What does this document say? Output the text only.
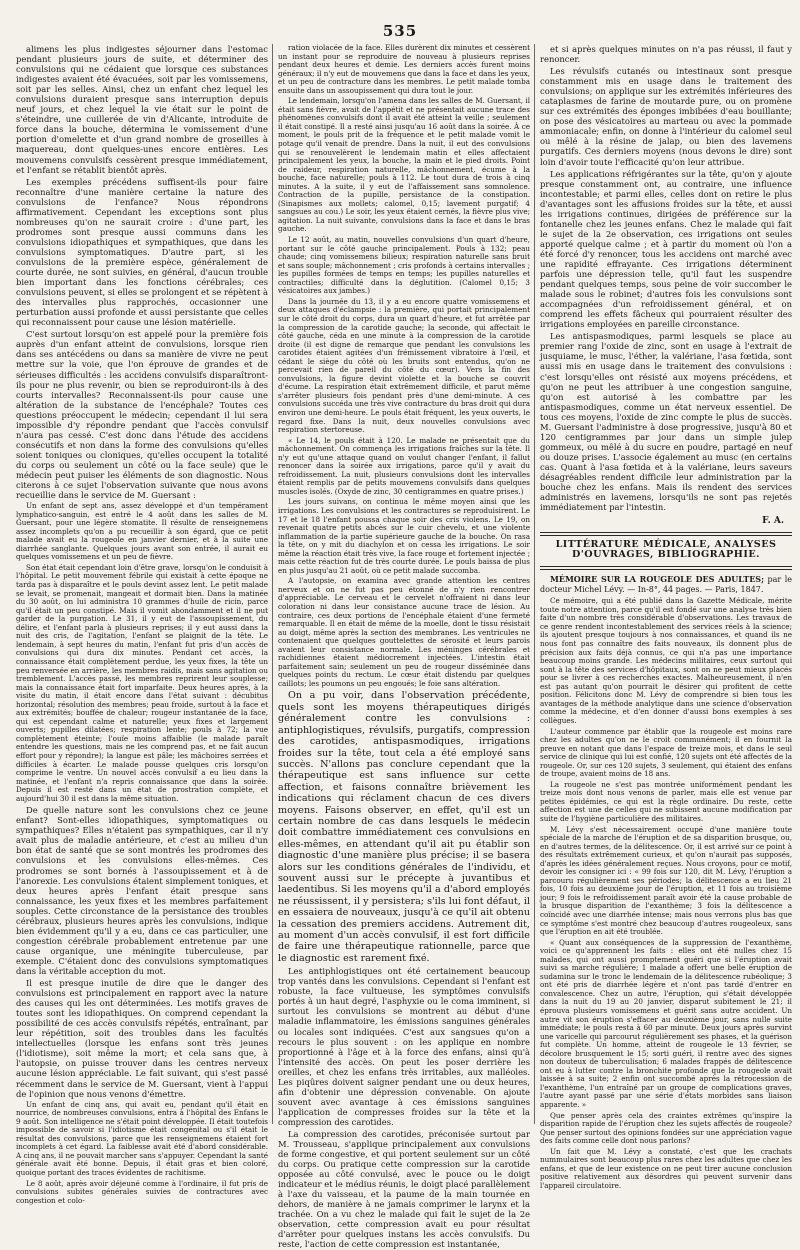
535

alimens les plus indigestes séjourner dans l'estomac pendant plusieurs jours de suite, et déterminer des convulsions qui ne cédaient que lorsque ces substances indigestes avaient été évacuées, soit par les vomissemens, soit par les selles. Ainsi, chez un enfant chez lequel les convulsions duraient presque sans interruption depuis neuf jours, et chez lequel la vie était sur le point de s'éteindre, une cuillerée de vin d'Alicante, introduite de force dans la bouche, détermina le vomissement d'une portion d'omelette et d'un grand nombre de groseilles à maquereau, dont quelques-unes encore entières. Les mouvemens convulsifs cessèrent presque immédiatement, et l'enfant se rétablit bientôt après.

Les exemples précédens suffisent-ils pour faire reconnaître d'une manière certaine la nature des convulsions de l'enfance? Nous répondrons affirmativement. Cependant les exceptions sont plus nombreuses qu'on ne saurait croire : d'une part, les prodromes sont presque aussi communs dans les convulsions idiopathiques et sympathiques, que dans les convulsions symptomatiques. D'autre part, si les convulsions de la première espèce, généralement de courte durée, ne sont suivies, en général, d'aucun trouble bien important dans les fonctions cérébrales; ces convulsions peuvent, si elles se prolongent et se répètent à des intervalles plus rapprochés, occasionner une perturbation aussi profonde et aussi persistante que celles qui reconnaissent pour cause une lésion matérielle.

C'est surtout lorsqu'on est appelé pour la première fois auprès d'un enfant atteint de convulsions, lorsque rien dans ses antécédens ou dans sa manière de vivre ne peut mettre sur la voie, que l'on éprouve de grandes et de sérieuses difficultés : les accidens convulsifs disparaîtront-ils pour ne plus revenir, ou bien se reproduiront-ils à des courts intervalles? Reconnaissent-ils pour cause une altération de la substance de l'encéphale? Toutes ces questions préoccupent le médecin; cependant il lui sera impossible d'y répondre pendant que l'accès convulsif n'aura pas cessé. C'est donc dans l'étude des accidens consécutifs et non dans la forme des convulsions qu'elles soient toniques ou cloniques, qu'elles occupent la totalité du corps ou seulement un côté ou la face seule) que le médecin peut puiser les éléments de son diagnostic. Nous citerons à ce sujet l'observation suivante que nous avons recueillie dans le service de M. Guersant :

Un enfant de sept ans, assez développé et d'un tempérament lymphatico-sanguin, est entré le 4 août dans les salles de M. Guersant, pour une légère stomatite. Il résulte de renseignemens assez incomplets qu'on a pu recueillir à son égard, que ce petit malade avait eu la rougeole en janvier dernier, et à la suite une diarrhée sanglante. Quelques jours avant son entrée, il aurait eu quelques vomissemens et un peu de fièvre.

Son état était cependant loin d'être grave, lorsqu'on le conduisit à l'hôpital. Le petit mouvement fébrile qui existait à cette époque ne tarda pas à disparaître et le pouls devint assez lent. Le petit malade se levait, se promenait, mangeait et dormait bien. Dans la matinée du 30 août, on lui administra 10 grammes d'huile de ricin, parce qu'il était un peu constipé. Mais il vomit abondamment et il ne put garder de la purgation. Le 31, il y eut de l'assoupissement, du délire, et l'enfant parla à plusieurs reprises; il y eut aussi dans la nuit des cris, de l'agitation, l'enfant se plaignit de la tête. Le lendemain, à sept heures du matin, l'enfant fut pris d'un accès de convulsions qui dura dix minutes. Pendant cet accès, la connaissance était complètement perdue, les yeux fixes, la tête un peu renversée en arrière, les membres raidis, mais sans agitation ou tremblement. L'accès passé, les membres reprirent leur souplesse; mais la connaissance était fort imparfaite. Deux heures après, à la visite du matin, il était encore dans l'état suivant : décubitus horizontal; résolution des membres; peau froide, surtout à la face et aux extrémités; bouffée de chaleur; rougeur instantanée de la face, qui est cependant calme et naturelle; yeux fixes et largement ouverts; pupilles dilatées; respiration lente; pouls à 72; la vue complètement éteinte; l'ouïe moins affaiblie (le malade paraît entendre les questions, mais ne les comprend pas, et ne fait aucun effort pour y répondre); la langue est pâle; les mâchoires serrées et difficiles à écarter. Le malade pousse quelques cris lorsqu'on comprime le ventre. Un nouvel accès convulsif a eu lieu dans la matinée, et l'enfant n'a repris connaissance que dans la soirée. Depuis il est resté dans un état de prostration complète, et aujourd'hui 30 il est dans la même situation.

De quelle nature sont les convulsions chez ce jeune enfant? Sont-elles idiopathiques, symptomatiques ou sympathiques? Elles n'étaient pas sympathiques, car il n'y avait plus de maladie antérieure, et c'est au milieu d'un bon état de santé que se sont montrés les prodromes des convulsions et les convulsions elles-mêmes. Ces prodromes se sont bornés à l'assoupissement et à de l'anorexie. Les convulsions étaient simplement toniques, et deux heures après l'enfant était presque sans connaissance, les yeux fixes et les membres parfaitement souples. Cette circonstance de la persistance des troubles cérébraux, plusieurs heures après les convulsions, indique bien évidemment qu'il y a eu, dans ce cas particulier, une congestion cérébrale probablement entretenue par une cause organique, une méningite tuberculeuse, par exemple. C'étaient donc des convulsions symptomatiques dans la véritable acception du mot.

Il est presque inutile de dire que le danger des convulsions est principalement en rapport avec la nature des causes qui les ont déterminées. Les motifs graves de toutes sont les idiopathiques. On comprend cependant la possibilité de ces accès convulsifs répétés, entraînant, par leur répétition, soit des troubles dans les facultés intellectuelles (lorsque les enfans sont très jeunes (l'idiotisme), soit même la mort; et cela sans que, à l'autopsie, on puisse trouver dans les centres nerveux aucune lésion appréciable. Le fait suivant, qui s'est passé récemment dans le service de M. Guersant, vient à l'appui de l'opinion que nous venons d'émettre.

Un enfant de cinq ans, qui avait eu, pendant qu'il était en nourrice, de nombreuses convulsions, entra à l'hôpital des Enfans le 9 août. Son intelligence ne s'était point développée. Il était toutefois impossible de savoir si l'idiotisme était congénital ou s'il était le résultat des convulsions, parce que les renseignemens étaient fort incomplets à cet égard. La faiblesse avait été d'abord considérable. A cinq ans, il ne pouvait marcher sans s'appuyer. Cependant la santé générale avait été bonne. Depuis, il était gras et bien coloré, quoique portant des traces évidentes de rachitisme.

Le 8 août, après avoir déjeuné comme à l'ordinaire, il fut pris de convulsions subites générales suivies de contractures avec congestion et colo-

ration violacée de la face. Elles durèrent dix minutes et cessèrent un instant pour se reproduire de nouveau à plusieurs reprises pendant deux heures et demie. Les derniers accès furent moins généraux; il n'y eut de mouvemens que dans la face et dans les yeux, et un peu de contracture dans les membres. Le petit malade tomba ensuite dans un assoupissement qui dura tout le jour.

Le lendemain, lorsqu'on l'amena dans les salles de M. Guersant, il était sans fièvre, avait de l'appétit et ne présentait aucune trace des phénomènes convulsifs dont il avait été atteint la veille ; seulement il était constipé. Il a resté ainsi jusqu'au 16 août dans la soirée. À ce moment, le pouls prit de la fréquence et le petit malade vomit le potage qu'il venait de prendre. Dans la nuit, il eut des convulsions qui se renouvelèrent le lendemain matin et elles affectaient principalement les yeux, la bouche, la main et le pied droits. Point de raideur, respiration naturelle, mâchonnement, écume à la bouche, face naturelle; pouls à 112. Le tout dura de trois à cinq minutes. A la suite, il y eut de l'affaissement sans somnolence. Contraction de la pupille, persistance de la constipation. (Sinapismes aux mollets; calomel, 0,15; lavement purgatif; 4 sangsues au cou.) Le soir, les yeux étaient cernés, la fièvre plus vive; agitation. La nuit suivante, convulsions dans la face et dans le bras gauche.

Le 12 août, au matin, nouvelles convulsions d'un quart d'heure, portant sur le côté gauche principalement. Pouls à 132; peau chaude; cinq vomissemens bilieux; respiration naturelle sans bruit et sans souple; mâchonnement ; cris profonds à certains intervalles ; les pupilles formées de temps en temps; les pupilles naturelles et contractiles; difficulté dans la déglutition. (Calomel 0,15; 3 vésicatoires aux jambes.)

Dans la journée du 13, il y a eu encore quatre vomissemens et deux attaques d'éclampsie : la première, qui portait principalement sur le côté droit du corps, dura un quart d'heure, et fut arrêtée par la compression de la carotide gauche; la seconde, qui affectait le côté gauche, céda en une minute à la compression de la carotide droite (il est digne de remarque que pendant les convulsions les carotides étaient agitées d'un frémissement vibratoire à l'œil, et cédant le siège du côté où les bruits sont entendus, qu'on ne percevait rien de pareil du côté du cœur). Vers la fin des convulsions, la figure devint violette et la bouche se couvrit d'écume. La respiration était extrêmement difficile, et parut même s'arrêter plusieurs fois pendant près d'une demi-minute. A ces convulsions succéda une très vive contracture du bras droit qui dura environ une demi-heure. Le pouls était fréquent, les yeux ouverts, le regard fixe. Dans la nuit, deux nouvelles convulsions avec respiration stertoreuse.

« Le 14, le pouls était à 120. Le malade ne présentait que du mâchonnement. On commença les irrigations fraîches sur la tête. Il n'y eut qu'une attaque quand on voulut changer l'enfant, il fallut renoncer dans la soirée aux irrigations, parce qu'il y avait du refroidissement. La nuit, plusieurs convulsions dont les intervalles étaient remplis par de petits mouvemens convulsifs dans quelques muscles isolés. (Oxyde de zinc, 30 centigrammes en quatre prises.)

Les jours suivans, on continua le même moyen ainsi que les irrigations. Les convulsions et les contractures se reproduisirent. Le 17 et le 18 l'enfant poussa chaque soir des cris violens. Le 19, on revenait quatre petits abcès sur le cuir chevelu, et une violente inflammation de la partie supérieure gauche de la bouche. On rasa la tête, on y mit du diachylon et on cessa les irrigations. Le soir même la réaction était très vive, la face rouge et fortement injectée ; mais cette réaction fut de très courte durée. Le pouls baissa de plus en plus jusqu'au 21 août, où ce petit malade succomba.

A l'autopsie, on examina avec grande attention les centres nerveux et on ne fut pas peu étonné de n'y rien rencontrer d'appréciable. Le cerveau et le cervelet n'offraient ni dans leur coloration ni dans leur consistance aucune trace de lésion. Au contraire, ces deux portions de l'encéphale étaient d'une fermeté remarquable. Il en était de même de la moelle, dont le tissu résistait au doigt, même après la section des membranes. Les ventricules ne contenaient que quelques gouttelettes de sérosité et leurs parois avaient leur consistance normale. Les méninges cérébrales et rachidiennes étaient médiocrement injectées. L'intestin était parfaitement sain; seulement un peu de rougeur disséminée dans quelques points du rectum. Le cœur était distendu par quelques caillots; les poumons un peu engoués; le foie sans altération.

On a pu voir, dans l'observation précédente, quels sont les moyens thérapeutiques dirigés généralement contre les convulsions : antiphlogistiques, révulsifs, purgatifs, compression des carotides, antispasmodiques, irrigations froides sur la tête, tout cela a été employé sans succès. N'allons pas conclure cependant que la thérapeutique est sans influence sur cette affection, et faisons connaître brièvement les indications qui réclament chacun de ces divers moyens. Faisons observer, en effet, qu'il est un certain nombre de cas dans lesquels le médecin doit combattre immédiatement ces convulsions en elles-mêmes, en attendant qu'il ait pu établir son diagnostic d'une manière plus précise; il se basera alors sur les conditions générales de l'individu, et souvent aussi sur le précepte à juvantibus et laedentibus. Si les moyens qu'il a d'abord employés ne réussissent, il y persistera; s'ils lui font défaut, il en essaiera de nouveaux, jusqu'à ce qu'il ait obtenu la cessation des premiers accidens. Autrement dit, au moment d'un accès convulsif, il est fort difficile de faire une thérapeutique rationnelle, parce que le diagnostic est rarement fixé.

Les antiphlogistiques ont été certainement beaucoup trop vantés dans les convulsions. Cependant si l'enfant est robuste, la face vultueuse, les symptômes convulsifs portés à un haut degré, l'asphyxie ou le coma imminent, si surtout les convulsions se montrent au début d'une maladie inflammatoire, les émissions sanguines générales ou locales sont indiquées. C'est aux sangsues qu'on a recours le plus souvent : on les applique en nombre proportionné à l'âge et à la force des enfans, ainsi qu'à l'intensité des accès. On peut les poser derrière les oreilles, et chez les enfans très irritables, aux malléoles. Les piqûres doivent saigner pendant une ou deux heures, afin d'obtenir une dépression convenable. On ajoute souvent avec avantage à ces émissions sanguines l'application de compresses froides sur la tête et la compression des carotides.

La compression des carotides, préconisée surtout par M. Trousseau, s'applique principalement aux convulsions de forme congestive, et qui portent seulement sur un côté du corps. Ou pratique cette compression sur la carotide opposée au côté convulsé, avec le pouce ou le doigt indicateur et le médius réunis, le doigt placé parallèlement à l'axe du vaisseau, et la paume de la main tournée en dehors, de manière à ne jamais comprimer le larynx et la trachée. On a vu chez le malade qui fait le sujet de la 2e observation, cette compression avait eu pour résultat d'arrêter pour quelques instans les accès convulsifs. Du reste, l'action de cette compression est instantanée,

et si après quelques minutes on n'a pas réussi, il faut y renoncer.

Les révulsifs cutanés ou intestinaux sont presque constamment mis en usage dans le traitement des convulsions; on applique sur les extrémités inférieures des cataplasmes de farine de moutarde pure, ou on promène sur ces extrémités des éponges imbibées d'eau bouillante; on pose des vésicatoires au marteau ou avec la pommade ammoniacale; enfin, on donne à l'intérieur du calomel seul ou mêlé à la résine de jalap, ou bien des lavemens purgatifs. Ces derniers moyens (nous devons le dire) sont loin d'avoir toute l'efficacité qu'on leur attribue.

Les applications réfrigérantes sur la tête, qu'on y ajoute presque constamment ont, au contraire, une influence incontestable; et parmi elles, celles dont on retire le plus d'avantages sont les affusions froides sur la tête, et aussi les irrigations continues, dirigées de préférence sur la fontanelle chez les jeunes enfans. Chez le malade qui fait le sujet de la 2e observation, ces irrigations ont seules apporté quelque calme ; et à partir du moment où l'on a été forcé d'y renoncer, tous les accidens ont marché avec une rapidité effrayante. Ces irrigations déterminent parfois une dépression telle, qu'il faut les suspendre pendant quelques temps, sous peine de voir succomber le malade sous le robinet; d'autres fois les convulsions sont accompagnées d'un refroidissement général, et on comprend les effets fâcheux qui pourraient résulter des irrigations employées en pareille circonstance.

Les antispasmodiques, parmi lesquels se place au premier rang l'oxide de zinc, sont en usage à l'extrait de jusquiame, le musc, l'éther, la valériane, l'asa fœtida, sont aussi mis en usage dans le traitement des convulsions : c'est lorsqu'elles ont résisté aux moyens précédens, et qu'on ne peut les attribuer à une congestion sanguine, qu'on est autorisé à les combattre par les antispasmodiques, comme un état nerveux essentiel. De tous ces moyens, l'oxide de zinc compte le plus de succès. M. Guersant l'administre à dose progressive, jusqu'à 80 et 120 centigrammes par jour dans un simple julep gommeux, ou mêlé à du sucre en poudre, partagé en neuf ou douze prises. L'associe également au musc (en certains cas. Quant à l'asa fœtida et à la valériane, leurs saveurs désagréables rendent difficile leur administration par la bouche chez les enfans. Mais ils rendent des services administrés en lavemens, lorsqu'ils ne sont pas rejetés immédiatement par l'intestin.

F. A.
LITTÉRATURE MÉDICALE, ANALYSES D'OUVRAGES, BIBLIOGRAPHIE.

MÉMOIRE SUR LA ROUGEOLE DES ADULTES; par le docteur Michel Lévy. — In-8°, 44 pages. — Paris, 1847.

Ce mémoire, qui a été publié dans la Gazette Médicale, mérite toute notre attention, parce qu'il est fondé sur une analyse très bien faite d'un nombre très considérable d'observations. Les travaux de ce genre rendent incontestablement des services réels à la science; ils ajoutent presque toujours à nos connaissances, et quand ils ne nous font pas connaître des faits nouveaux, ils donnent plus de précision aux faits déjà connus, ce qui n'a pas une importance beaucoup moins grande. Les médecins militaires, ceux surtout qui sont à la tête des services d'hôpitaux, sont on ne peut mieux placés pour se livrer à ces recherches exactes. Malheureusement, il n'en est pas autant qu'on pourrait le désirer qui profitent de cette position. Félicitons donc M. Lévy de comprendre si bien tous les avantages de la méthode analytique dans une science d'observation comme la médecine, et d'en donner d'aussi bons exemples à ses collègues.

L'auteur commence par établir que la rougeole est moins rare chez les adultes qu'on ne le croit communément; il en fournit la preuve en notant que dans l'espace de treize mois, et dans le seul service de clinique qui lui est confié, 120 sujets ont été affectés de la rougeole. Or, sur ces 120 sujets, 3 seulement, qui étaient des enfans de troupe, avaient moins de 18 ans.

La rougeole ne s'est pas montrée uniformément pendant les treize mois dont nous venons de parler, mais elle est venue par petites épidémies, ce qui est la règle ordinaire. Du reste, cette affection est une de celles qui ne subissent aucune modification par suite de l'hygiène particulière des militaires.

M. Lévy s'est nécessairement occupé d'une manière toute spéciale de la marche de l'éruption et de sa disparition brusque, ou, en d'autres termes, de la délitescence. Or, il est arrivé sur ce point à des résultats extrêmement curieux, et qu'on n'aurait pas supposés, d'après les idées généralement reçues. Nous croyons, pour ce motif, devoir les consigner ici : « 99 fois sur 120, dit M. Lévy, l'éruption a parcouru régulièrement ses périodes; la délitescence a eu lieu 21 fois, 10 fois au deuxième jour de l'éruption, et 11 fois au troisième jour; 9 fois le refroidissement paraît avoir été la cause probable de la brusque disparition de l'exanthème; 3 fois la délitescence a coïncidé avec une diarrhée intense; mais nous verrons plus bas que ce symptôme s'est montré chez beaucoup d'autres rougeoleux, sans que l'éruption en ait été troublée.

« Quant aux conséquences de la suppression de l'exanthème, voici ce qu'apprennent les faits : elles ont été nulles chez 15 malades, qui ont aussi promptement guéri que si l'éruption avait suivi sa marche régulière; 1 malade a offert une belle éruption de sudamina sur le tronc le lendemain de la délitescence rubéolique; 3 ont été pris de diarrhée légère et n'ont pas tardé d'entrer en convalescence. Chez un autre, l'éruption, qui s'était développée dans la nuit du 19 au 20 janvier, disparut subitement le 21; il éprouva plusieurs vomissemens et guérit sans autre accident. Un autre vit son éruption s'effacer au deuxième jour, sans nulle suite immédiate; le pouls resta à 60 par minute. Deux jours après survint une varicelle qui parcourut régulièrement ses phases, et la guérison fut complète. Un homme, atteint de rougeole le 13 février, se décolore brusquement le 15; sorti guéri, il rentre avec des signes non douteux de tuberculisation; 6 malades frappés de délitescence ont eu à lutter contre la bronchite profonde que la rougeole avait laissée à sa suite; 2 enfin ont succombé après la rétrocession de l'exanthème, l'un entraîné par un groupe de complications graves, l'autre ayant passé par une série d'états morbides sans liaison apparente. »

Que penser après cela des craintes extrêmes qu'inspire la disparition rapide de l'éruption chez les sujets affectés de rougeole? Que penser surtout des opinions fondées sur une appréciation vague des faits comme celle dont nous parlons?

Un fait que M. Lévy a constaté, c'est que les crachats nummulaires sont beaucoup plus rares chez les adultes que chez les enfans, et que de leur existence on ne peut tirer aucune conclusion positive relativement aux désordres qui peuvent survenir dans l'appareil circulatoire.
